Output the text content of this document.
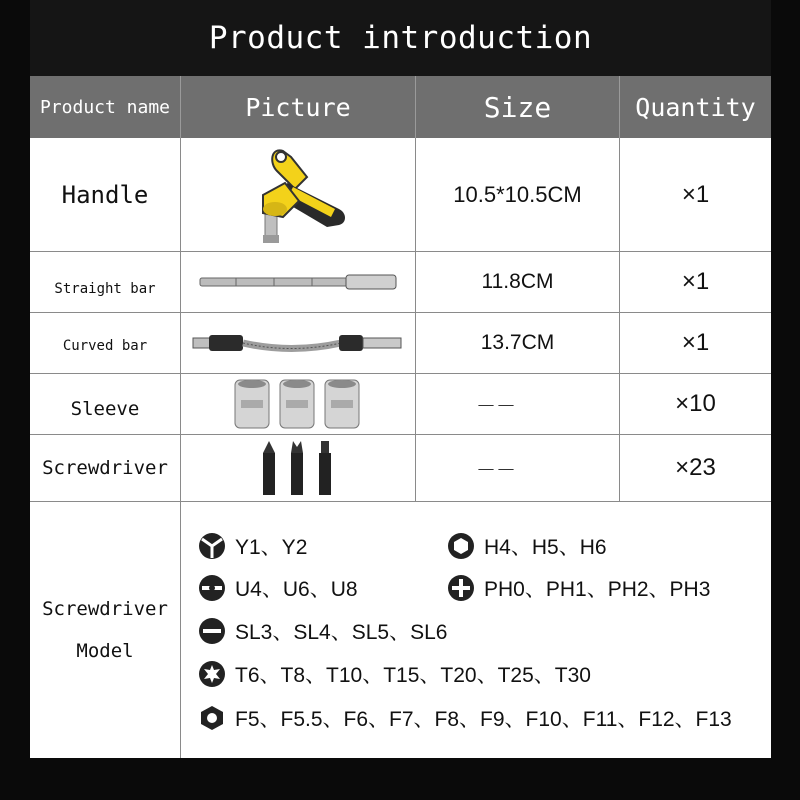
Product introduction
Product name	Picture	Size	Quantity
Handle	10.5*10.5CM	×1
Straight bar	11.8CM	×1
Curved bar	13.7CM	×1
Sleeve	－－	×10
Screwdriver	－－	×23
Screwdriver
Model
Y1、Y2	H4、H5、H6
U4、U6、U8	PH0、PH1、PH2、PH3
SL3、SL4、SL5、SL6
T6、T8、T10、T15、T20、T25、T30
F5、F5.5、F6、F7、F8、F9、F10、F11、F12、F13
